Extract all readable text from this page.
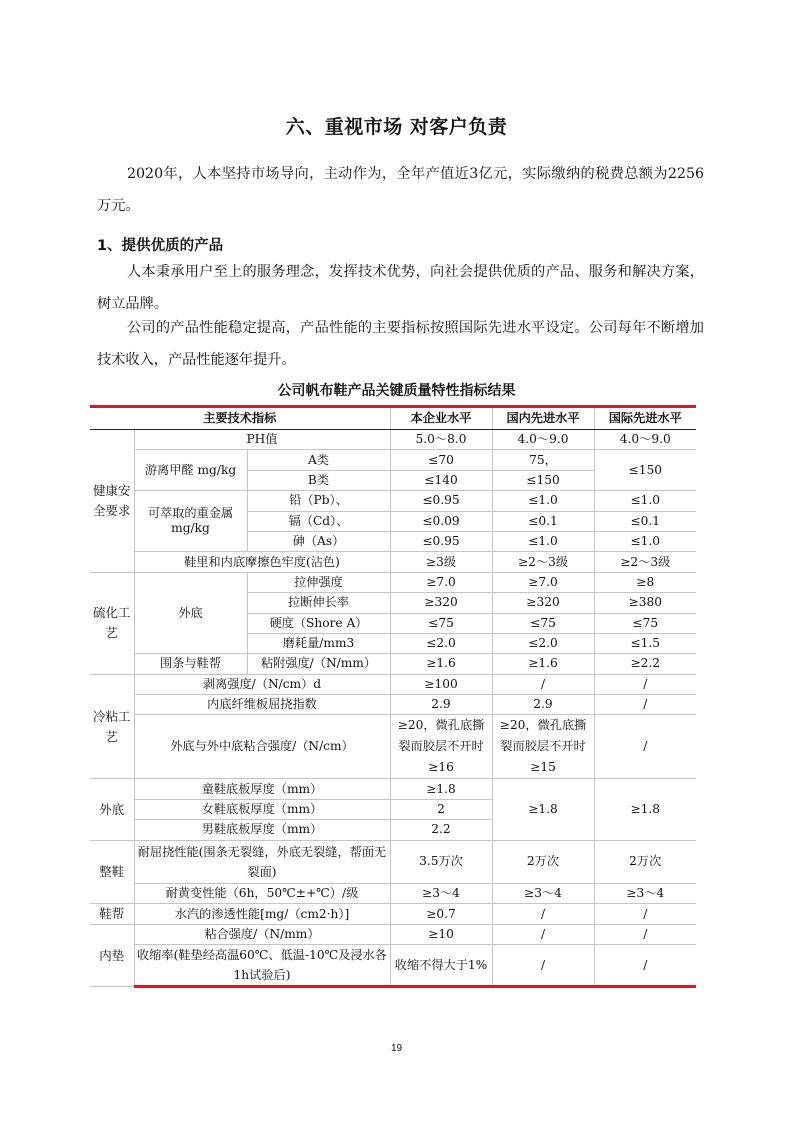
六、重视市场 对客户负责
2020年，人本坚持市场导向，主动作为，全年产值近3亿元，实际缴纳的税费总额为2256万元。
1、提供优质的产品
人本秉承用户至上的服务理念，发挥技术优势，向社会提供优质的产品、服务和解决方案，树立品牌。
公司的产品性能稳定提高，产品性能的主要指标按照国际先进水平设定。公司每年不断增加技术收入，产品性能逐年提升。
公司帆布鞋产品关键质量特性指标结果
主要技术指标			本企业水平	国内先进水平	国际先进水平
健康安全要求	PH值		5.0～8.0	4.0～9.0	4.0～9.0
	游离甲醛 mg/kg	A类	≤70	75，	≤150
		B类	≤140	≤150	
	可萃取的重金属mg/kg	铅（Pb）、	≤0.95	≤1.0	≤1.0
		镉（Cd）、	≤0.09	≤0.1	≤0.1
		砷（As）	≤0.95	≤1.0	≤1.0
	鞋里和内底摩擦色牢度(沾色)		≥3级	≥2～3级	≥2～3级
硫化工艺	外底	拉伸强度	≥7.0	≥7.0	≥8
		拉断伸长率	≥320	≥320	≥380
		硬度（Shore A）	≤75	≤75	≤75
		磨耗量/mm3	≤2.0	≤2.0	≤1.5
	围条与鞋帮	粘附强度/（N/mm）	≥1.6	≥1.6	≥2.2
冷粘工艺	剥离强度/（N/cm）d		≥100	/	/
	内底纤维板屈挠指数		2.9	2.9	/
	外底与外中底粘合强度/（N/cm）		≥20，微孔底撕裂而胶层不开时≥16	≥20，微孔底撕裂而胶层不开时≥15	/
外底	童鞋底板厚度（mm）		≥1.8	≥1.8	≥1.8
	女鞋底板厚度（mm）		2		
	男鞋底板厚度（mm）		2.2		
整鞋	耐屈挠性能(围条无裂缝，外底无裂缝，帮面无裂面)		3.5万次	2万次	2万次
	耐黄变性能（6h，50℃±+℃）/级		≥3～4	≥3～4	≥3～4
鞋帮	水汽的渗透性能[mg/（cm2·h）]		≥0.7	/	/
内垫	粘合强度/（N/mm）		≥10	/	/
	收缩率(鞋垫经高温60℃、低温-10℃及浸水各1h试验后)		收缩不得大于1%	/	/
19
